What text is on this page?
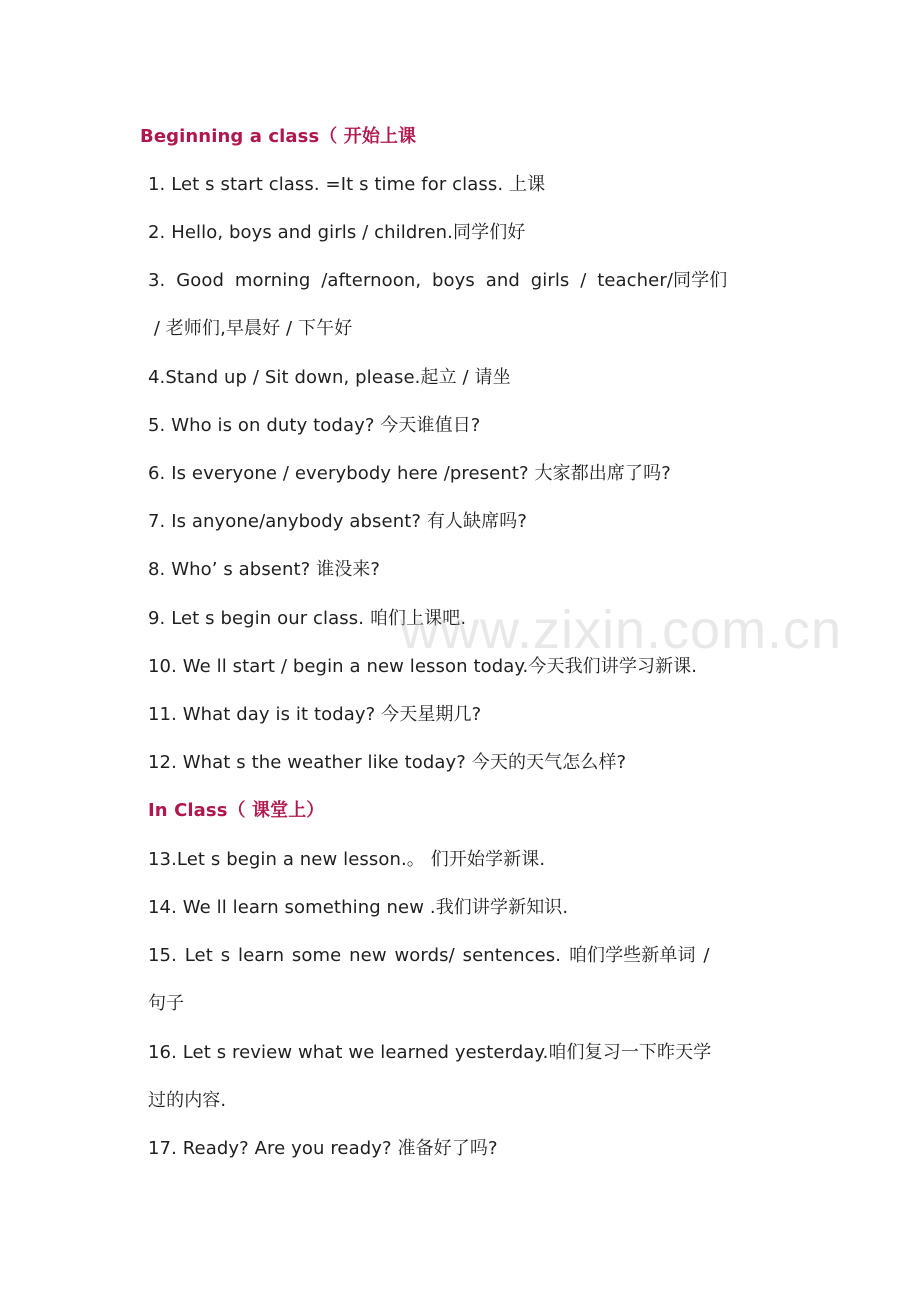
Beginning a class（ 开始上课
1. Let s start class. =It s time for class. 上课
2. Hello, boys and girls / children.同学们好
3. Good morning /afternoon, boys and girls / teacher/同学们
/ 老师们,早晨好 / 下午好
4.Stand up / Sit down, please.起立 / 请坐
5. Who is on duty today? 今天谁值日?
6. Is everyone / everybody here /present? 大家都出席了吗?
7. Is anyone/anybody absent? 有人缺席吗?
8. Who’ s absent? 谁没来?
9. Let s begin our class. 咱们上课吧.
10. We ll start / begin a new lesson today.今天我们讲学习新课.
11. What day is it today? 今天星期几?
12. What s the weather like today? 今天的天气怎么样?
In Class（ 课堂上）
13.Let s begin a new lesson.。 们开始学新课.
14. We ll learn something new .我们讲学新知识.
15. Let s learn some new words/ sentences. 咱们学些新单词 /
句子
16. Let s review what we learned yesterday.咱们复习一下昨天学
过的内容.
17. Ready? Are you ready? 准备好了吗?
www.zixin.com.cn
